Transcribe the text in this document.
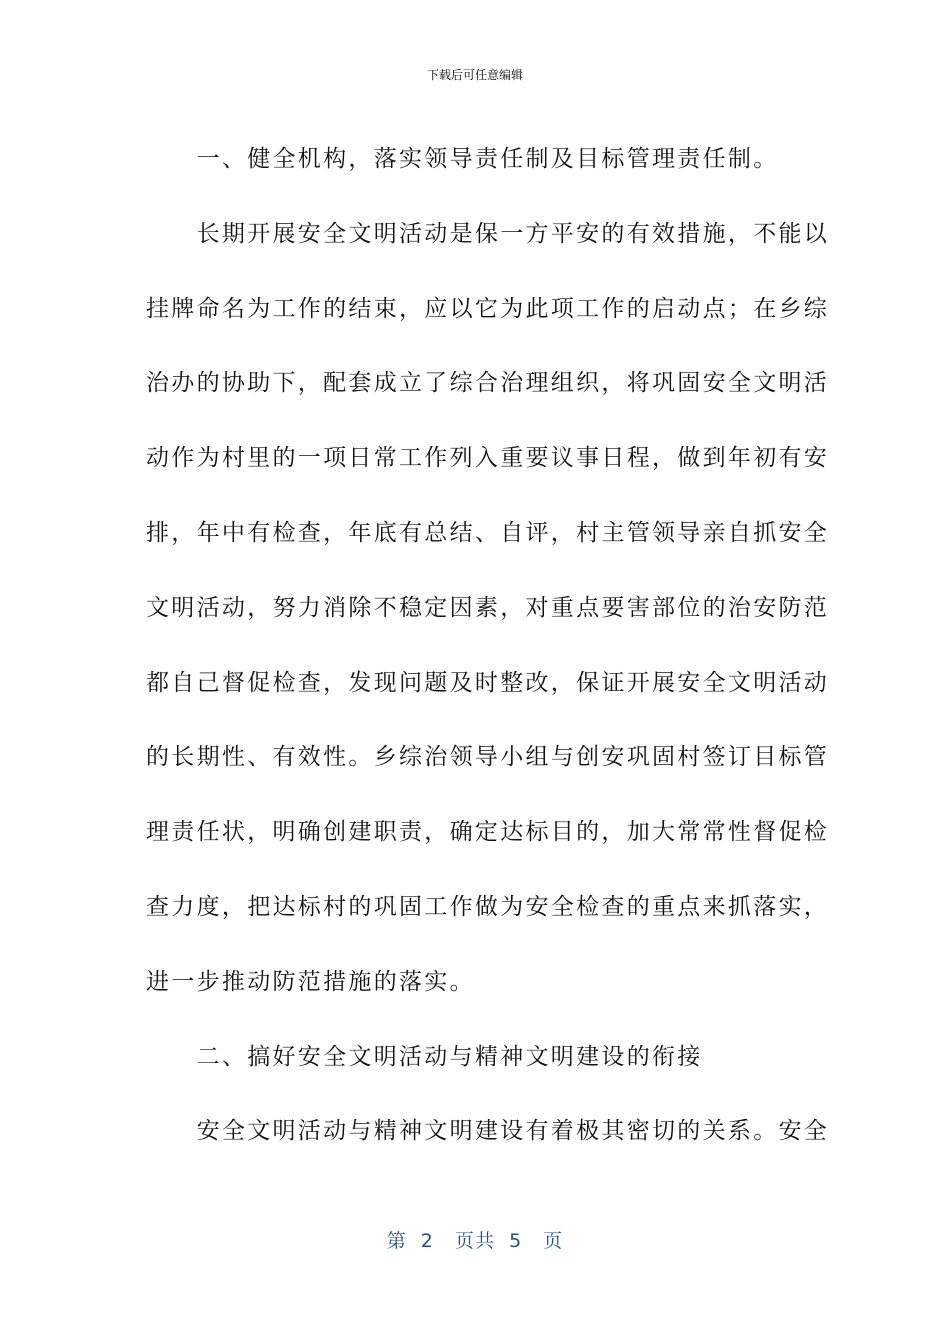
下载后可任意编辑

　　一、健全机构，落实领导责任制及目标管理责任制。

　　长期开展安全文明活动是保一方平安的有效措施，不能以

挂牌命名为工作的结束，应以它为此项工作的启动点；在乡综

治办的协助下，配套成立了综合治理组织，将巩固安全文明活

动作为村里的一项日常工作列入重要议事日程，做到年初有安

排，年中有检查，年底有总结、自评，村主管领导亲自抓安全

文明活动，努力消除不稳定因素，对重点要害部位的治安防范

都自己督促检查，发现问题及时整改，保证开展安全文明活动

的长期性、有效性。乡综治领导小组与创安巩固村签订目标管

理责任状，明确创建职责，确定达标目的，加大常常性督促检

查力度，把达标村的巩固工作做为安全检查的重点来抓落实，

进一步推动防范措施的落实。

　　二、搞好安全文明活动与精神文明建设的衔接

　　安全文明活动与精神文明建设有着极其密切的关系。安全

第  2   页共  5   页
